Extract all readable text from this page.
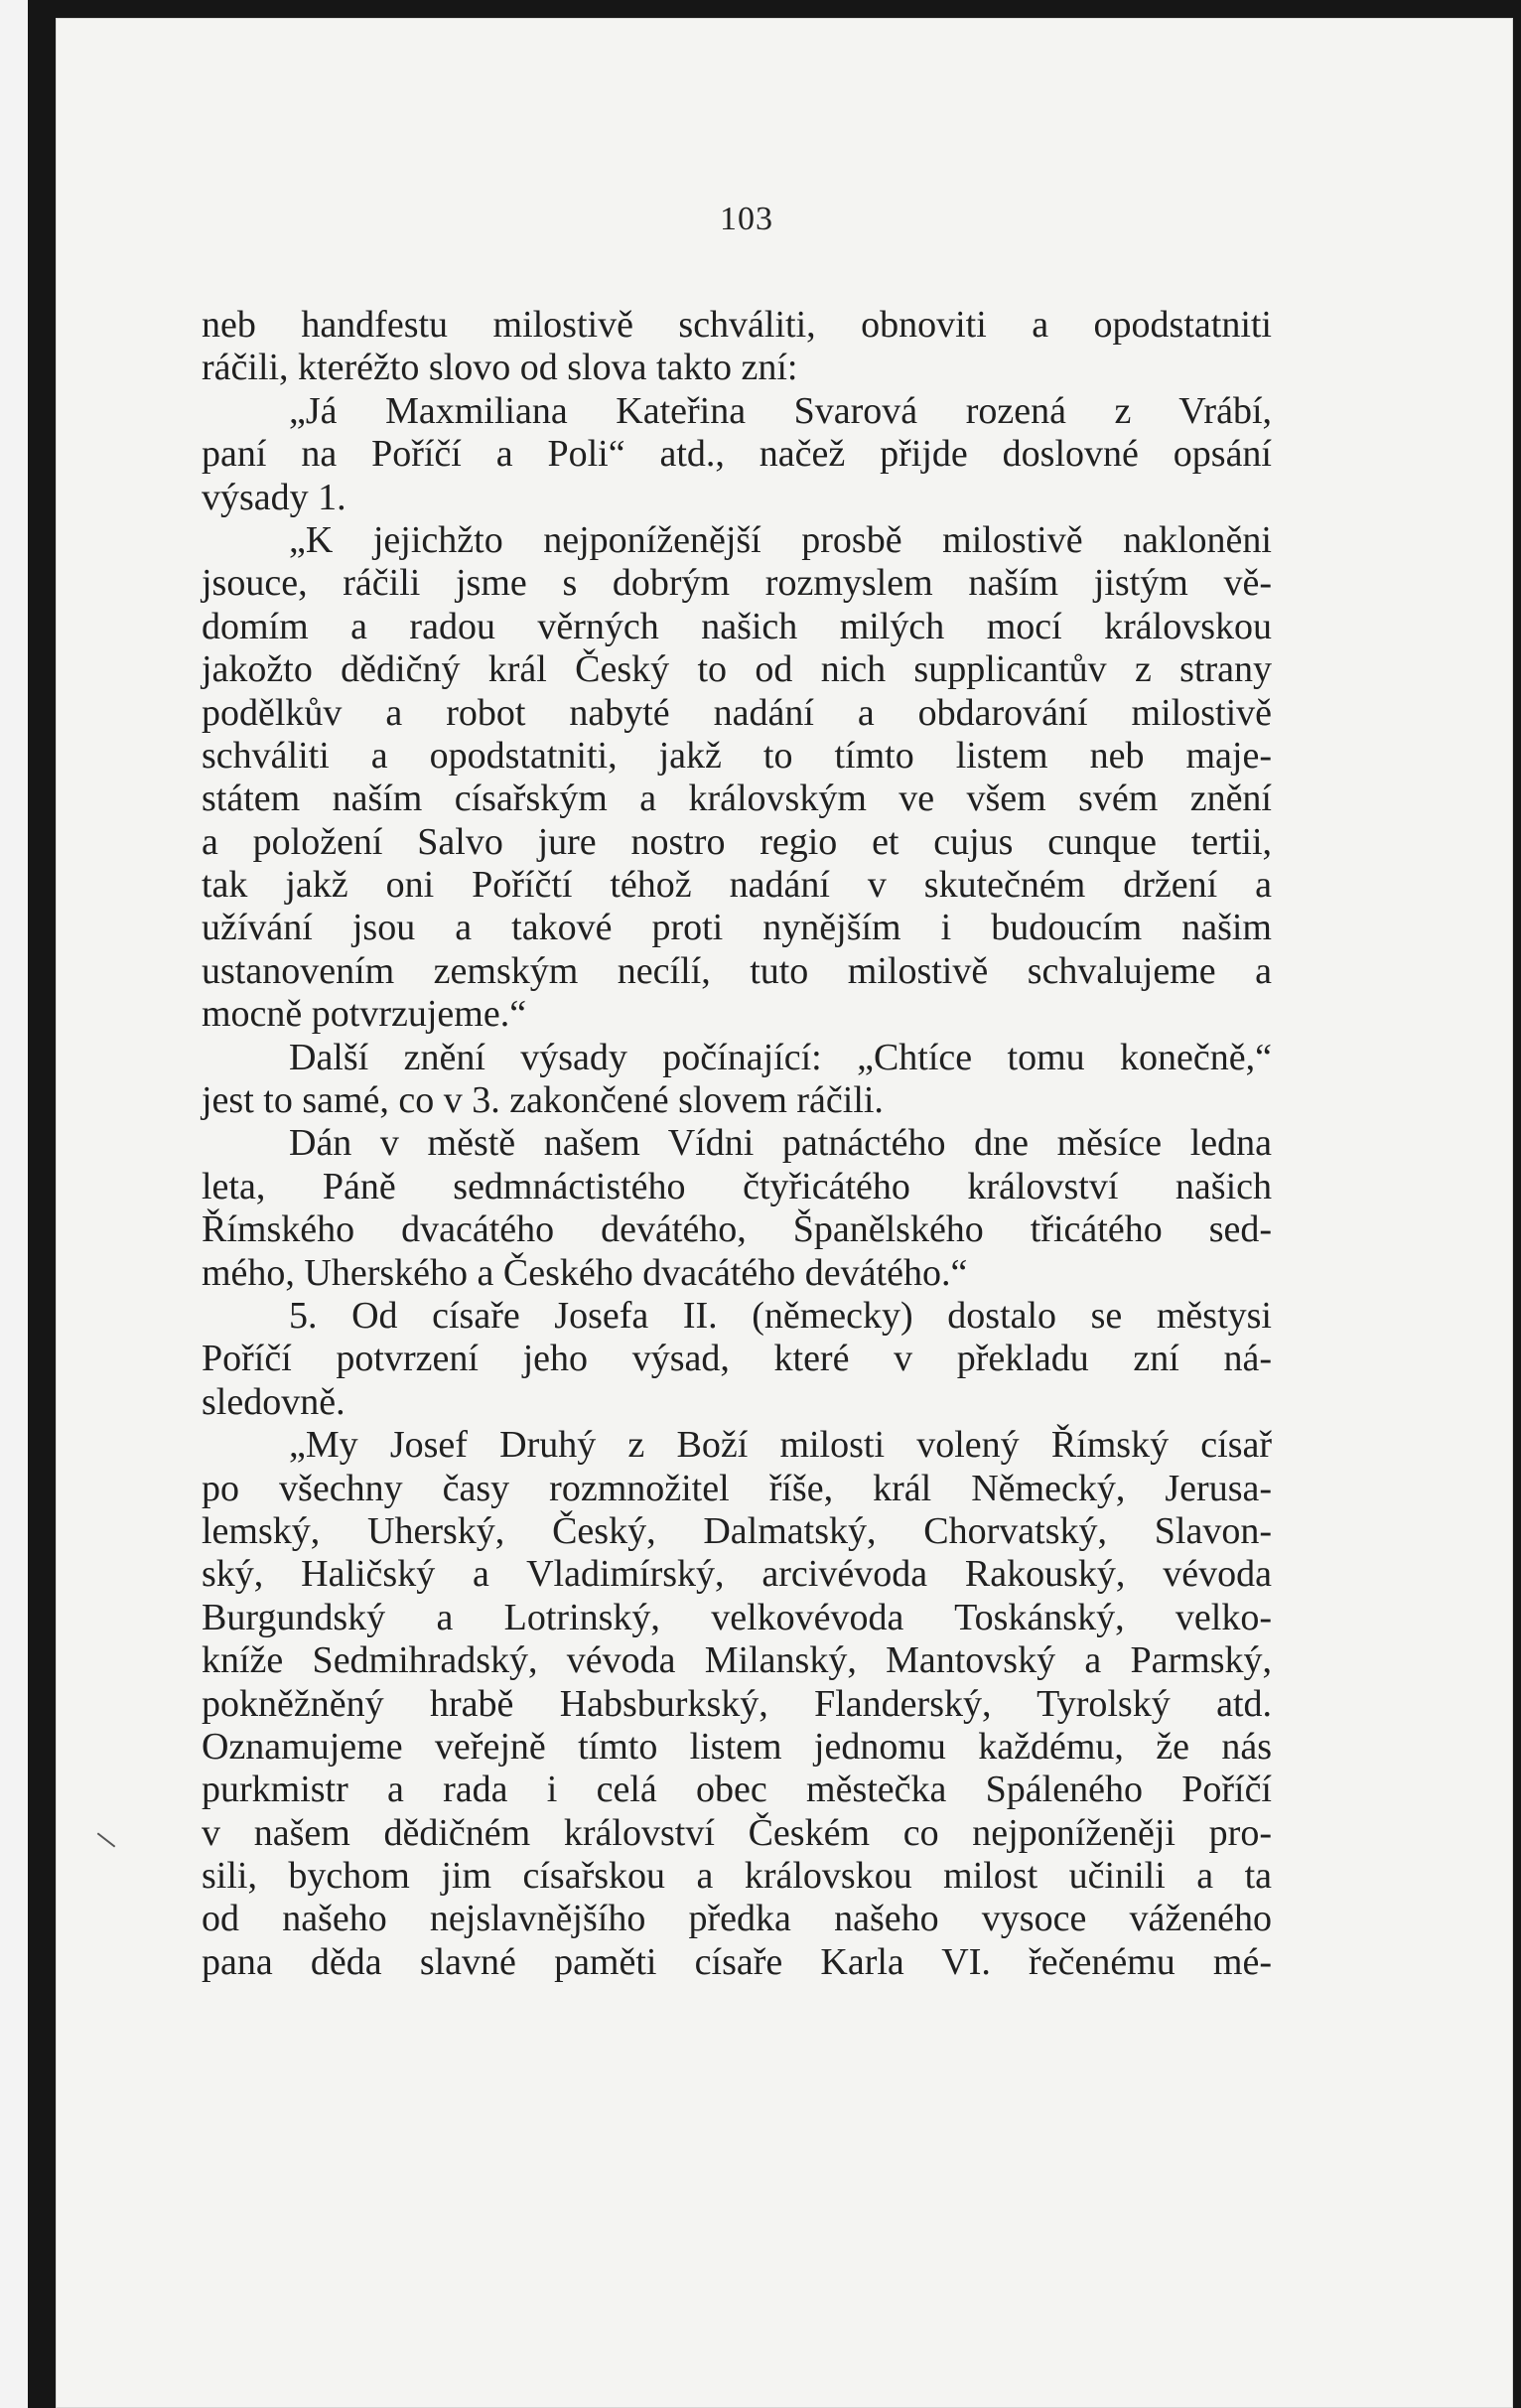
103
neb handfestu milostivě schváliti, obnoviti a opodstatniti
ráčili, kteréžto slovo od slova takto zní:
„Já Maxmiliana Kateřina Svarová rozená z Vrábí,
paní na Poříčí a Poli“ atd., načež přijde doslovné opsání
výsady 1.
„K jejichžto nejponíženější prosbě milostivě nakloněni
jsouce, ráčili jsme s dobrým rozmyslem naším jistým vě-
domím a radou věrných našich milých mocí královskou
jakožto dědičný král Český to od nich supplicantův z strany
podělkův a robot nabyté nadání a obdarování milostivě
schváliti a opodstatniti, jakž to tímto listem neb maje-
státem naším císařským a královským ve všem svém znění
a položení Salvo jure nostro regio et cujus cunque tertii,
tak jakž oni Poříčtí téhož nadání v skutečném držení a
užívání jsou a takové proti nynějším i budoucím našim
ustanovením zemským necílí, tuto milostivě schvalujeme a
mocně potvrzujeme.“
Další znění výsady počínající: „Chtíce tomu konečně,“
jest to samé, co v 3. zakončené slovem ráčili.
Dán v městě našem Vídni patnáctého dne měsíce ledna
leta, Páně sedmnáctistého čtyřicátého království našich
Římského dvacátého devátého, Španělského třicátého sed-
mého, Uherského a Českého dvacátého devátého.“
5. Od císaře Josefa II. (německy) dostalo se městysi
Poříčí potvrzení jeho výsad, které v překladu zní ná-
sledovně.
„My Josef Druhý z Boží milosti volený Římský císař
po všechny časy rozmnožitel říše, král Německý, Jerusa-
lemský, Uherský, Český, Dalmatský, Chorvatský, Slavon-
ský, Haličský a Vladimírský, arcivévoda Rakouský, vévoda
Burgundský a Lotrinský, velkovévoda Toskánský, velko-
kníže Sedmihradský, vévoda Milanský, Mantovský a Parmský,
pokněžněný hrabě Habsburkský, Flanderský, Tyrolský atd.
Oznamujeme veřejně tímto listem jednomu každému, že nás
purkmistr a rada i celá obec městečka Spáleného Poříčí
v našem dědičném království Českém co nejponíženěji pro-
sili, bychom jim císařskou a královskou milost učinili a ta
od našeho nejslavnějšího předka našeho vysoce váženého
pana děda slavné paměti císaře Karla VI. řečenému mé-
